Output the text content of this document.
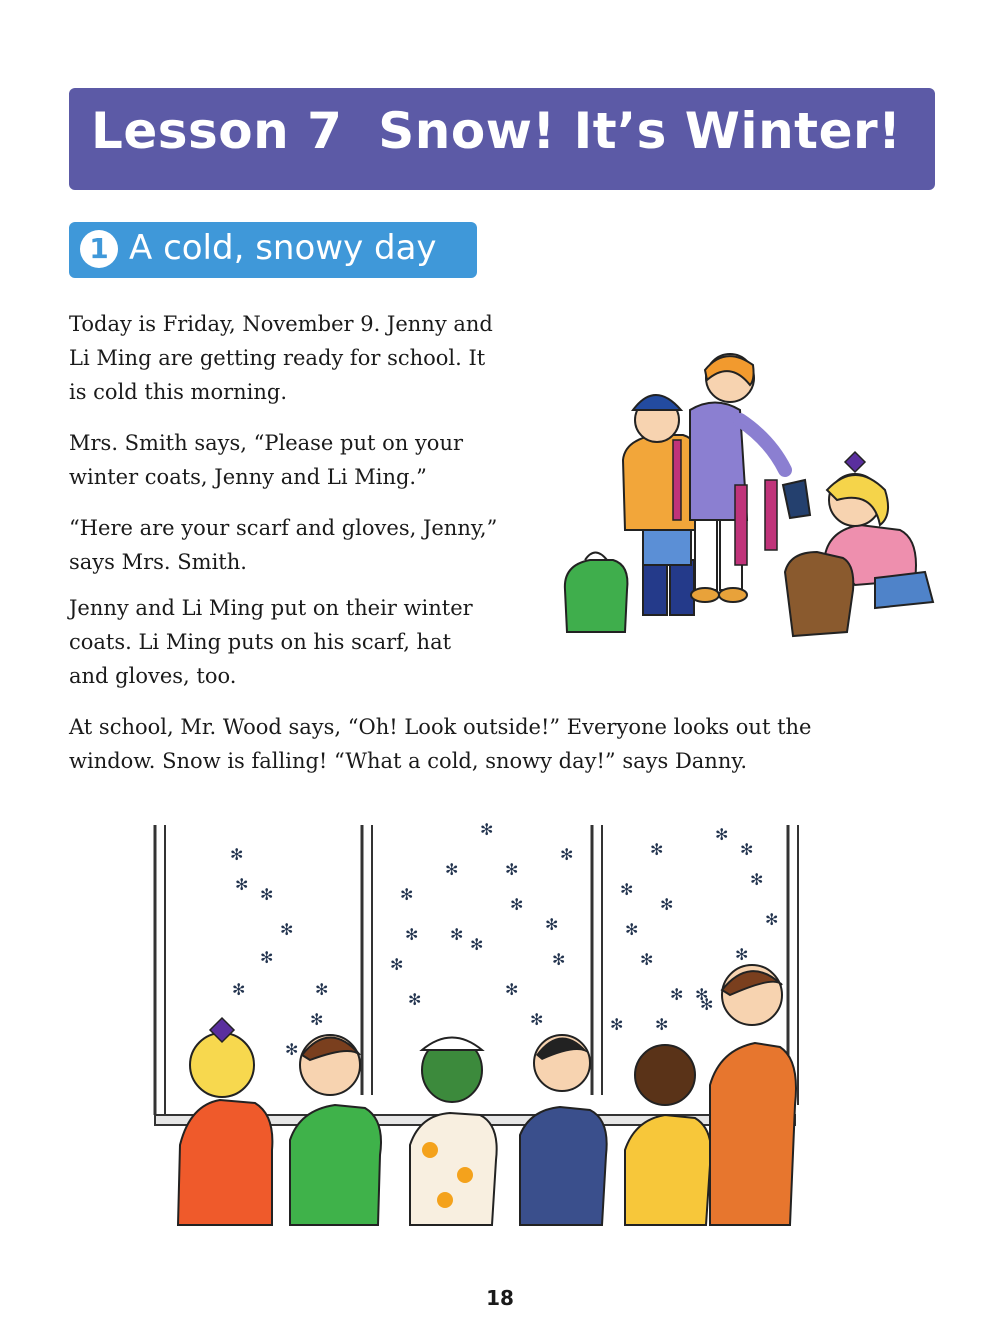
Lesson 7  Snow! It’s Winter!
1 A cold, snowy day

Today is Friday, November 9. Jenny and
Li Ming are getting ready for school. It
is cold this morning.

Mrs. Smith says, “Please put on your
winter coats, Jenny and Li Ming.”

“Here are your scarf and gloves, Jenny,”
says Mrs. Smith.

Jenny and Li Ming put on their winter
coats. Li Ming puts on his scarf, hat
and gloves, too.

At school, Mr. Wood says, “Oh! Look outside!” Everyone looks out the
window. Snow is falling! “What a cold, snowy day!” says Danny.

✻
✻
✻
✻
✻
✻	✻
✻
✻
✻
✻
✻
✻
✻
✻
✻
✻
✻
✻
✻
✻
✻
✻
✻
✻
✻
✻
✻
✻
✻
✻
✻
✻
✻
✻
✻
✻
✻
✻
18
